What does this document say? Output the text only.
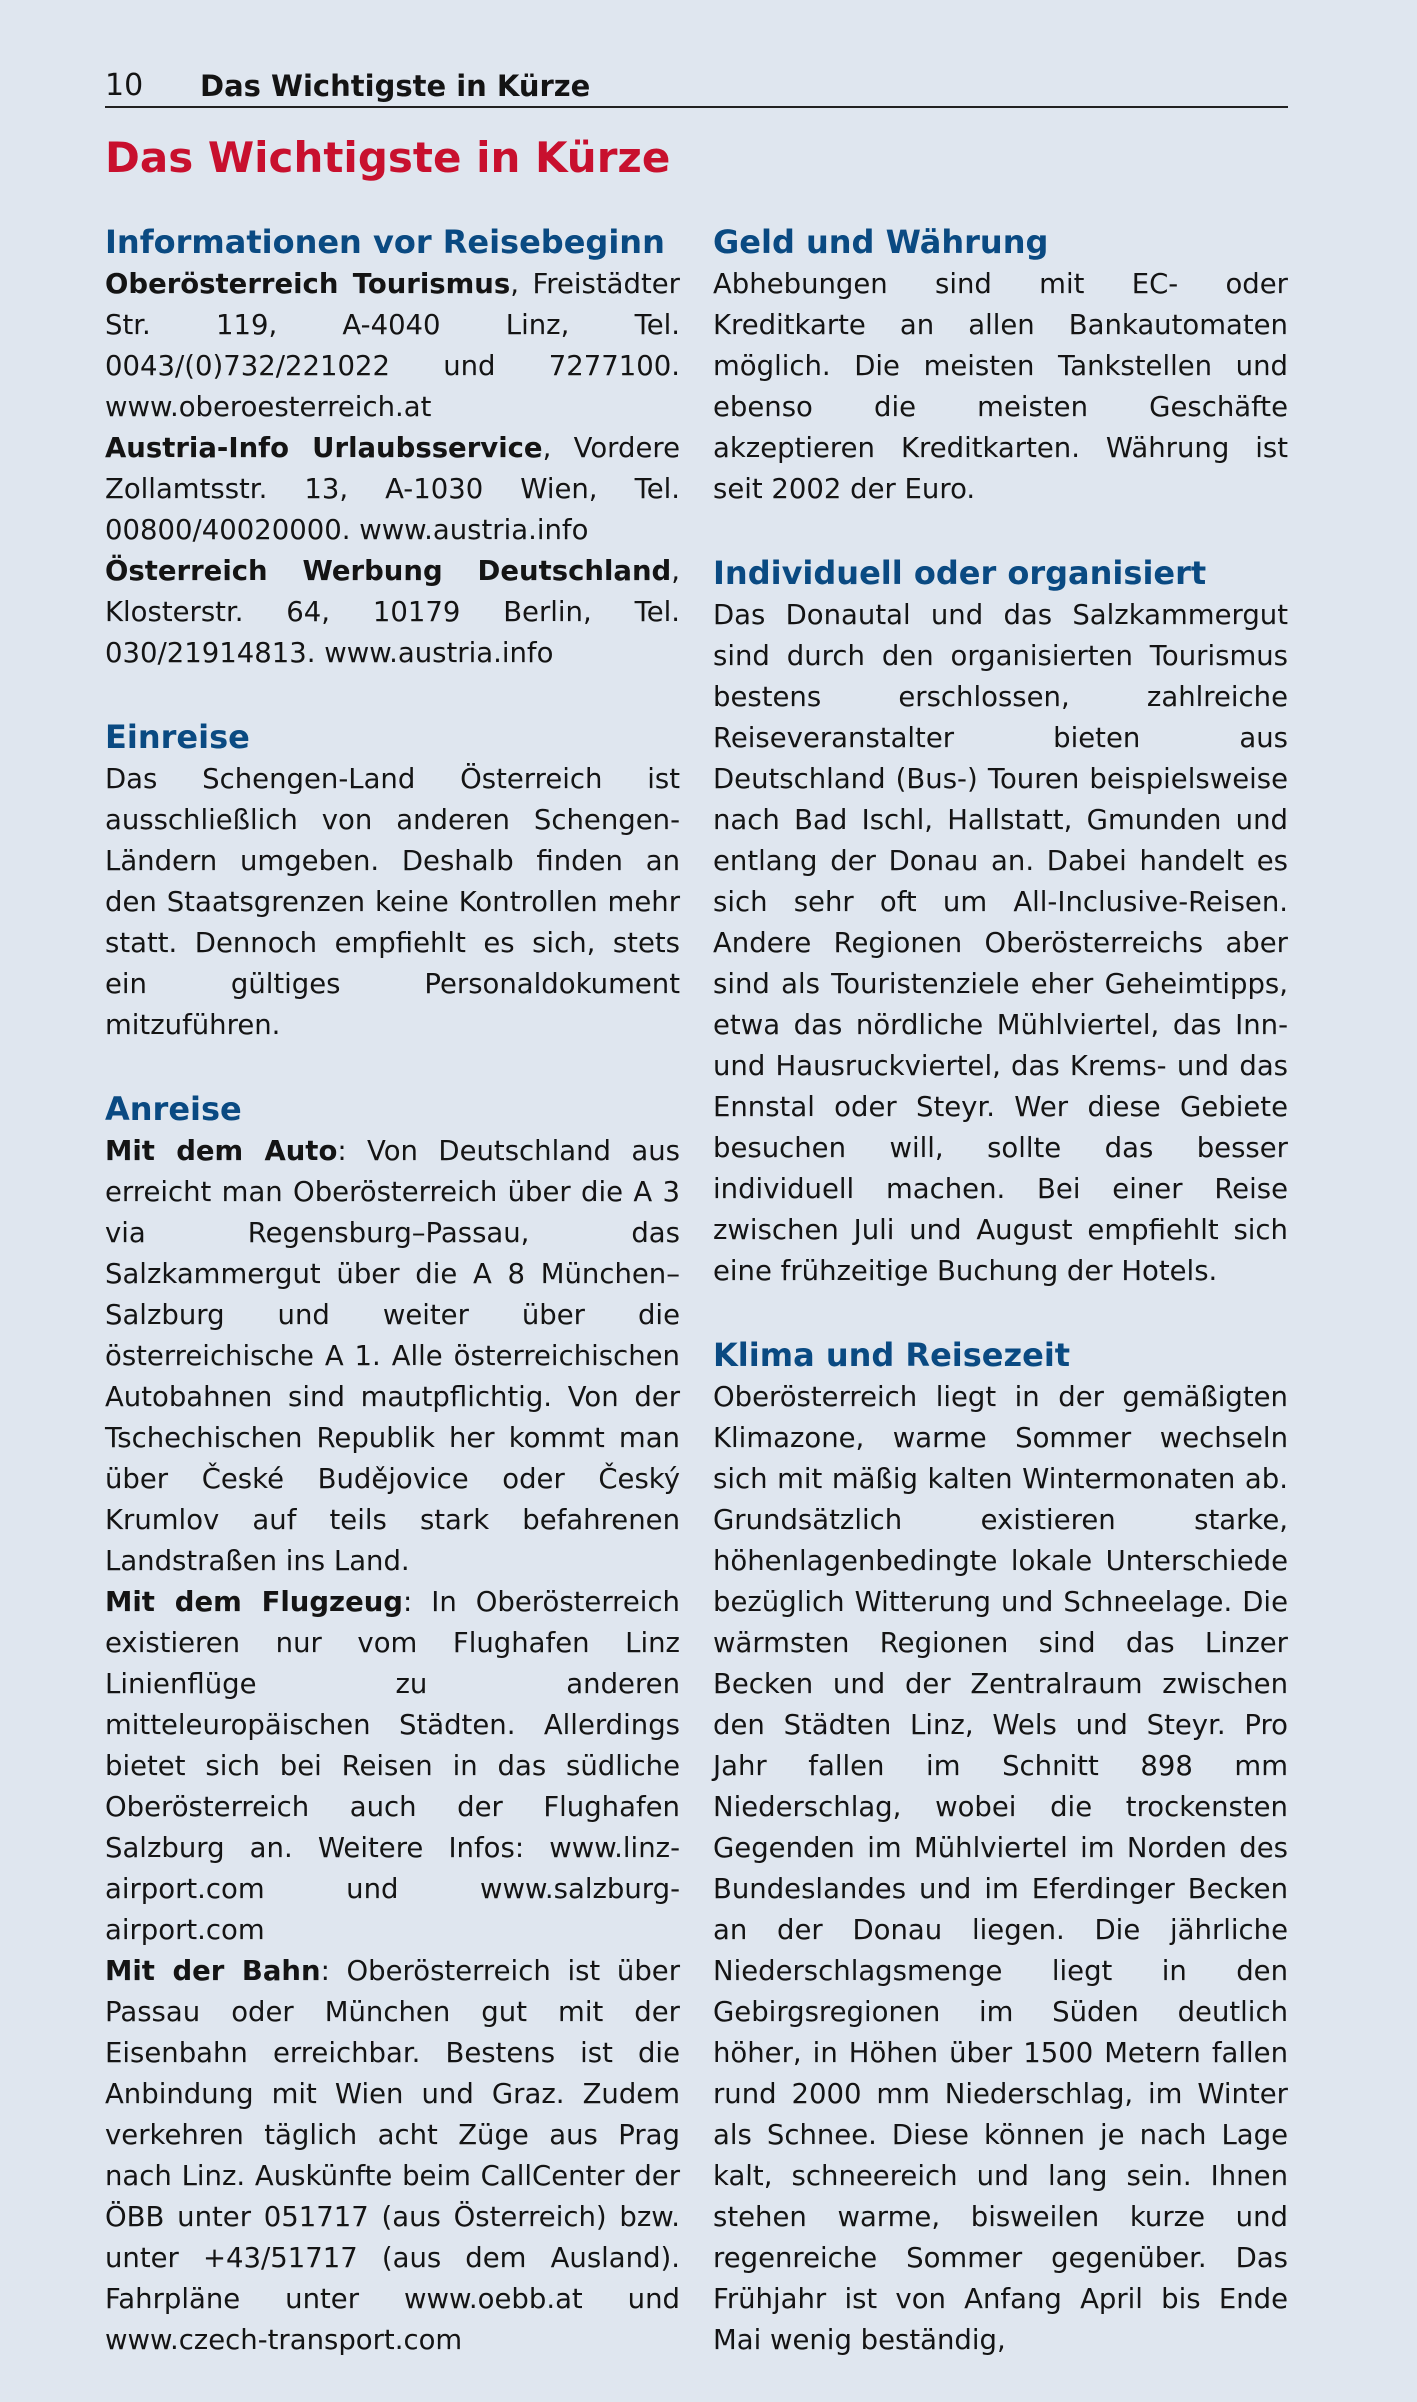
10 Das Wichtigste in Kürze
Das Wichtigste in Kürze
Informationen vor Reisebeginn

Oberösterreich Tourismus, Freistädter Str. 119, A-4040 Linz, Tel. 0043/(0)732/221022 und 7277100. www.oberoesterreich.at

Austria-Info Urlaubsservice, Vordere Zollamtsstr. 13, A-1030 Wien, Tel. 00800/40020000. www.austria.info

Österreich Werbung Deutschland, Klosterstr. 64, 10179 Berlin, Tel. 030/21914813. www.austria.info

Einreise

Das Schengen-Land Österreich ist ausschließlich von anderen Schengen-Ländern umgeben. Deshalb finden an den Staatsgrenzen keine Kontrollen mehr statt. Dennoch empfiehlt es sich, stets ein gültiges Personaldokument mitzuführen.

Anreise

Mit dem Auto: Von Deutschland aus erreicht man Oberösterreich über die A 3 via Regensburg–Passau, das Salzkammergut über die A 8 München–Salzburg und weiter über die österreichische A 1. Alle österreichischen Autobahnen sind mautpflichtig. Von der Tschechischen Republik her kommt man über České Budějovice oder Český Krumlov auf teils stark befahrenen Landstraßen ins Land.

Mit dem Flugzeug: In Oberösterreich existieren nur vom Flughafen Linz Linienflüge zu anderen mitteleuropäischen Städten. Allerdings bietet sich bei Reisen in das südliche Oberösterreich auch der Flughafen Salzburg an. Weitere Infos: www.linz-airport.com und www.salzburg-airport.com

Mit der Bahn: Oberösterreich ist über Passau oder München gut mit der Eisenbahn erreichbar. Bestens ist die Anbindung mit Wien und Graz. Zudem verkehren täglich acht Züge aus Prag nach Linz. Auskünfte beim CallCenter der ÖBB unter 051717 (aus Österreich) bzw. unter +43/51717 (aus dem Ausland). Fahrpläne unter www.oebb.at und www.czech-transport.com

Geld und Währung

Abhebungen sind mit EC- oder Kreditkarte an allen Bankautomaten möglich. Die meisten Tankstellen und ebenso die meisten Geschäfte akzeptieren Kreditkarten. Währung ist seit 2002 der Euro.

Individuell oder organisiert

Das Donautal und das Salzkammergut sind durch den organisierten Tourismus bestens erschlossen, zahlreiche Reiseveranstalter bieten aus Deutschland (Bus-) Touren beispielsweise nach Bad Ischl, Hallstatt, Gmunden und entlang der Donau an. Dabei handelt es sich sehr oft um All-Inclusive-Reisen. Andere Regionen Oberösterreichs aber sind als Touristenziele eher Geheimtipps, etwa das nördliche Mühlviertel, das Inn- und Hausruckviertel, das Krems- und das Ennstal oder Steyr. Wer diese Gebiete besuchen will, sollte das besser individuell machen. Bei einer Reise zwischen Juli und August empfiehlt sich eine frühzeitige Buchung der Hotels.

Klima und Reisezeit

Oberösterreich liegt in der gemäßigten Klimazone, warme Sommer wechseln sich mit mäßig kalten Wintermonaten ab. Grundsätzlich existieren starke, höhenlagenbedingte lokale Unterschiede bezüglich Witterung und Schneelage. Die wärmsten Regionen sind das Linzer Becken und der Zentralraum zwischen den Städten Linz, Wels und Steyr. Pro Jahr fallen im Schnitt 898 mm Niederschlag, wobei die trockensten Gegenden im Mühlviertel im Norden des Bundeslandes und im Eferdinger Becken an der Donau liegen. Die jährliche Niederschlagsmenge liegt in den Gebirgsregionen im Süden deutlich höher, in Höhen über 1500 Metern fallen rund 2000 mm Niederschlag, im Winter als Schnee. Diese können je nach Lage kalt, schneereich und lang sein. Ihnen stehen warme, bisweilen kurze und regenreiche Sommer gegenüber. Das Frühjahr ist von Anfang April bis Ende Mai wenig beständig,
